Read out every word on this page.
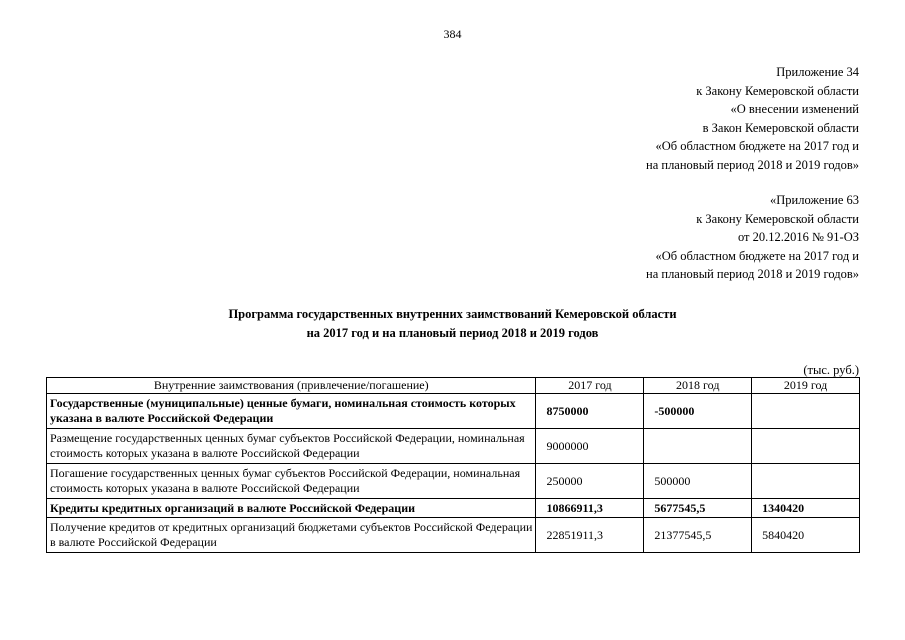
384
Приложение 34
к Закону Кемеровской области
«О внесении изменений
в Закон Кемеровской области
«Об областном бюджете на 2017 год и
на плановый период 2018 и 2019 годов»
«Приложение 63
к Закону Кемеровской области
от 20.12.2016 № 91-ОЗ
«Об областном бюджете на 2017 год и
на плановый период 2018 и 2019 годов»
Программа государственных внутренних заимствований Кемеровской области
на 2017 год и на плановый период 2018 и 2019 годов
(тыс. руб.)
Внутренние заимствования (привлечение/погашение)	2017 год	2018 год	2019 год
Государственные (муниципальные) ценные бумаги, номинальная стоимость которых указана в валюте Российской Федерации	8750000	-500000	
Размещение государственных ценных бумаг субъектов Российской Федерации, номинальная стоимость которых указана в валюте Российской Федерации	9000000		
Погашение государственных ценных бумаг субъектов Российской Федерации, номинальная стоимость которых указана в валюте Российской Федерации	250000	500000	
Кредиты кредитных организаций в валюте Российской Федерации	10866911,3	5677545,5	1340420
Получение кредитов от кредитных организаций бюджетами субъектов Российской Федерации в валюте Российской Федерации	22851911,3	21377545,5	5840420
